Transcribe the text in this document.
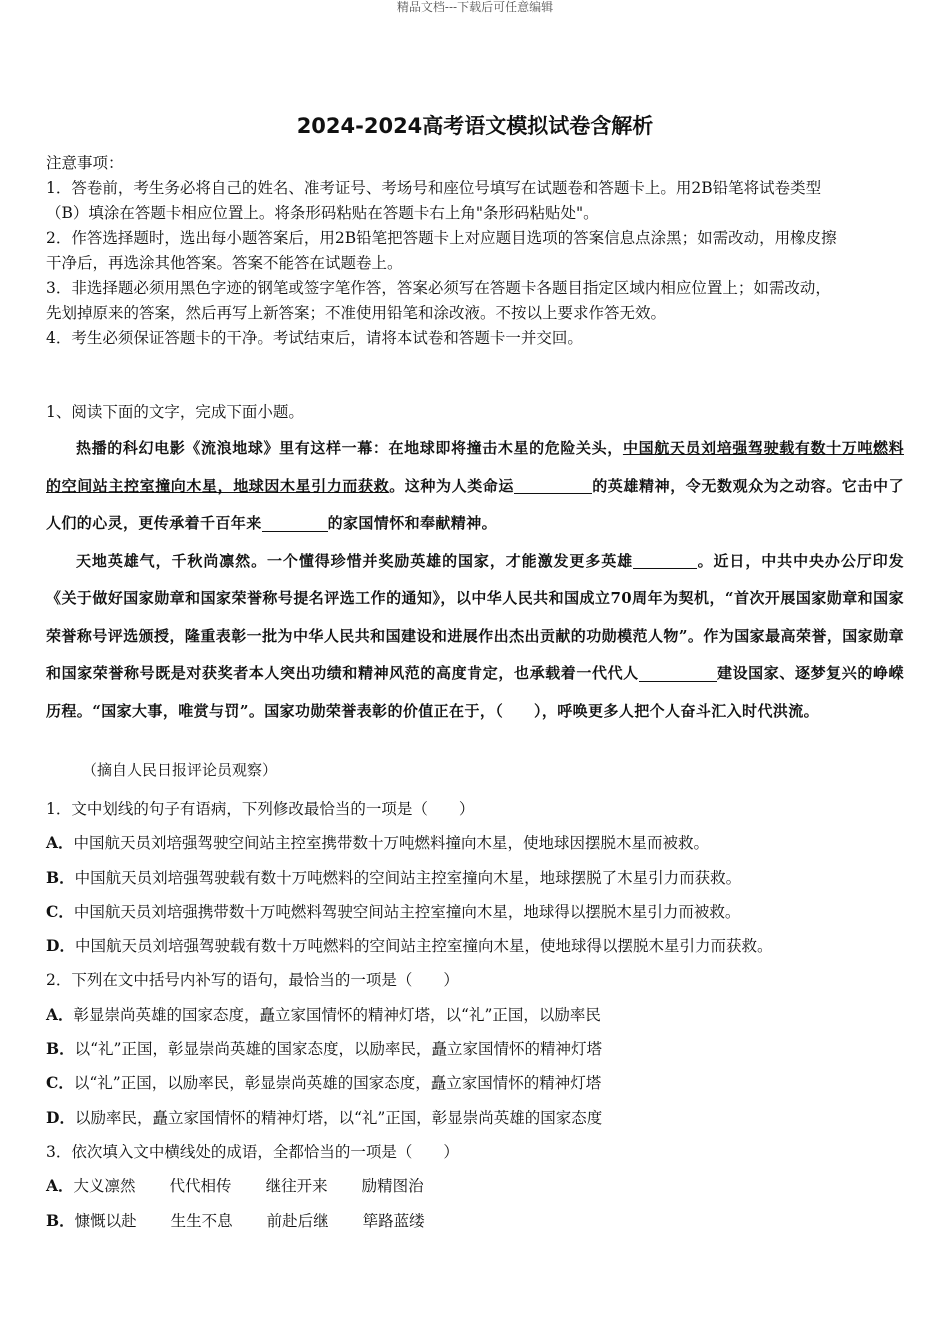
精品文档---下载后可任意编辑
2024-2024高考语文模拟试卷含解析

注意事项：

1．答卷前，考生务必将自己的姓名、准考证号、考场号和座位号填写在试题卷和答题卡上。用2B铅笔将试卷类型

（B）填涂在答题卡相应位置上。将条形码粘贴在答题卡右上角"条形码粘贴处"。

2．作答选择题时，选出每小题答案后，用2B铅笔把答题卡上对应题目选项的答案信息点涂黑；如需改动，用橡皮擦

干净后，再选涂其他答案。答案不能答在试题卷上。

3．非选择题必须用黑色字迹的钢笔或签字笔作答，答案必须写在答题卡各题目指定区域内相应位置上；如需改动，

先划掉原来的答案，然后再写上新答案；不准使用铅笔和涂改液。不按以上要求作答无效。

4．考生必须保证答题卡的干净。考试结束后，请将本试卷和答题卡一并交回。

1、阅读下面的文字，完成下面小题。

热播的科幻电影《流浪地球》里有这样一幕：在地球即将撞击木星的危险关头，中国航天员刘培强驾驶载有数十万吨燃料的空间站主控室撞向木星，地球因木星引力而获救。这种为人类命运	的英雄精神，令无数观众为之动容。它击中了人们的心灵，更传承着千百年来	的家国情怀和奉献精神。

天地英雄气，千秋尚凛然。一个懂得珍惜并奖励英雄的国家，才能激发更多英雄	。近日，中共中央办公厅印发《关于做好国家勋章和国家荣誉称号提名评选工作的通知》，以中华人民共和国成立70周年为契机，“首次开展国家勋章和国家荣誉称号评选颁授，隆重表彰一批为中华人民共和国建设和进展作出杰出贡献的功勋模范人物”。作为国家最高荣誉，国家勋章和国家荣誉称号既是对获奖者本人突出功绩和精神风范的高度肯定，也承载着一代代人	建设国家、逐梦复兴的峥嵘历程。“国家大事，唯赏与罚”。国家功勋荣誉表彰的价值正在于，（　　），呼唤更多人把个人奋斗汇入时代洪流。

（摘自人民日报评论员观察）

1．文中划线的句子有语病，下列修改最恰当的一项是（　　）

A．中国航天员刘培强驾驶空间站主控室携带数十万吨燃料撞向木星，使地球因摆脱木星而被救。

B．中国航天员刘培强驾驶载有数十万吨燃料的空间站主控室撞向木星，地球摆脱了木星引力而获救。

C．中国航天员刘培强携带数十万吨燃料驾驶空间站主控室撞向木星，地球得以摆脱木星引力而被救。

D．中国航天员刘培强驾驶载有数十万吨燃料的空间站主控室撞向木星，使地球得以摆脱木星引力而获救。

2．下列在文中括号内补写的语句，最恰当的一项是（　　）

A．彰显崇尚英雄的国家态度，矗立家国情怀的精神灯塔，以“礼”正国，以励率民

B．以“礼”正国，彰显崇尚英雄的国家态度，以励率民，矗立家国情怀的精神灯塔

C．以“礼”正国，以励率民，彰显崇尚英雄的国家态度，矗立家国情怀的精神灯塔

D．以励率民，矗立家国情怀的精神灯塔，以“礼”正国，彰显崇尚英雄的国家态度

3．依次填入文中横线处的成语，全都恰当的一项是（　　）

A．大义凛然 代代相传 继往开来 励精图治

B．慷慨以赴 生生不息 前赴后继 筚路蓝缕
